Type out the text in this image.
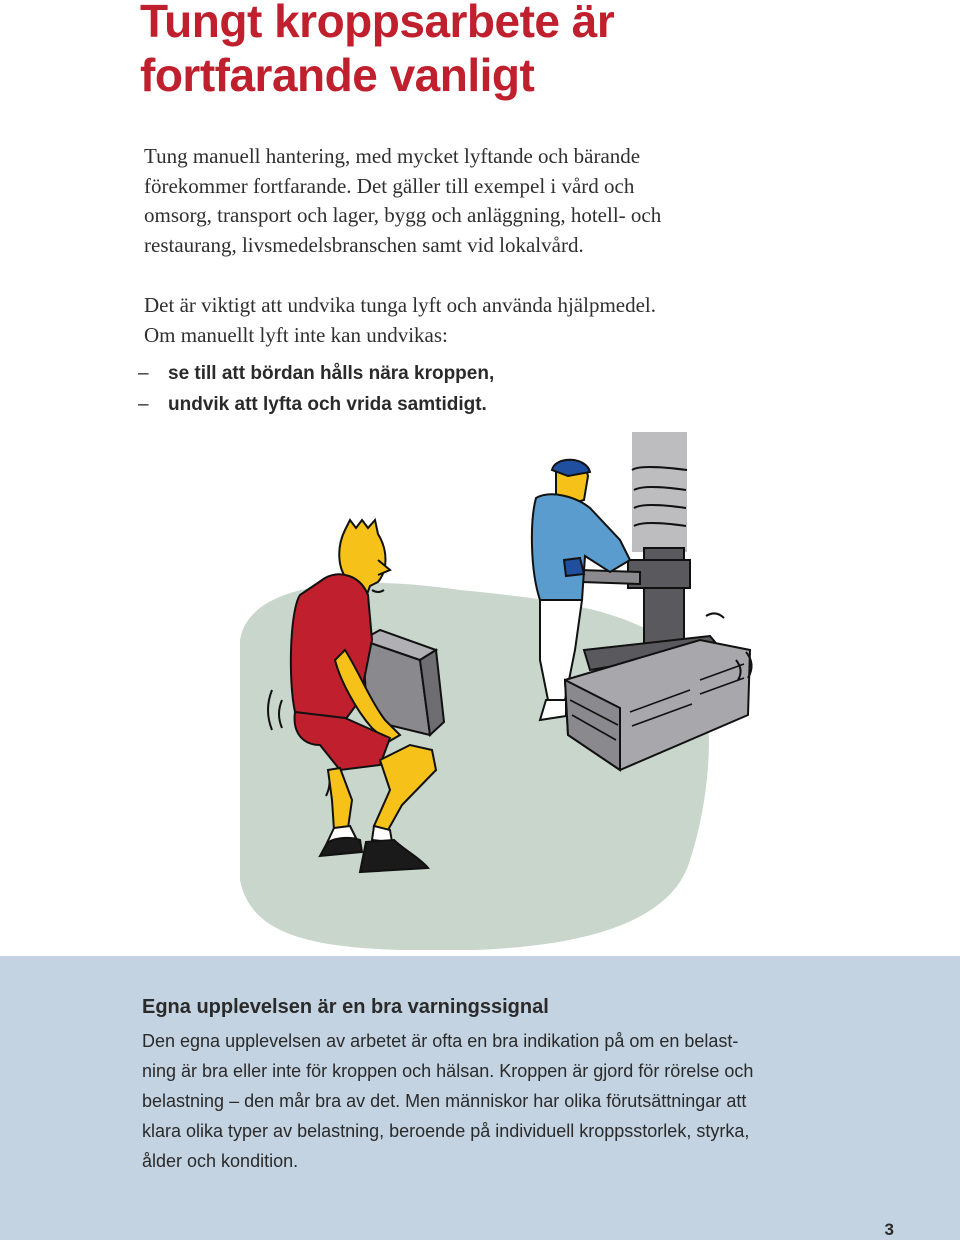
Tungt kroppsarbete är
fortfarande vanligt

Tung manuell hantering, med mycket lyftande och bärande
förekommer fortfarande. Det gäller till exempel i vård och
omsorg, transport och lager, bygg och anläggning, hotell- och
restaurang, livsmedelsbranschen samt vid lokalvård.

Det är viktigt att undvika tunga lyft och använda hjälpmedel.
Om manuellt lyft inte kan undvikas:

– se till att bördan hålls nära kroppen,
– undvik att lyfta och vrida samtidigt.
Egna upplevelsen är en bra varningssignal

Den egna upplevelsen av arbetet är ofta en bra indikation på om en belast-
ning är bra eller inte för kroppen och hälsan. Kroppen är gjord för rörelse och
belastning – den mår bra av det. Men människor har olika förutsättningar att
klara olika typer av belastning, beroende på individuell kroppsstorlek, styrka,
ålder och kondition.

3
